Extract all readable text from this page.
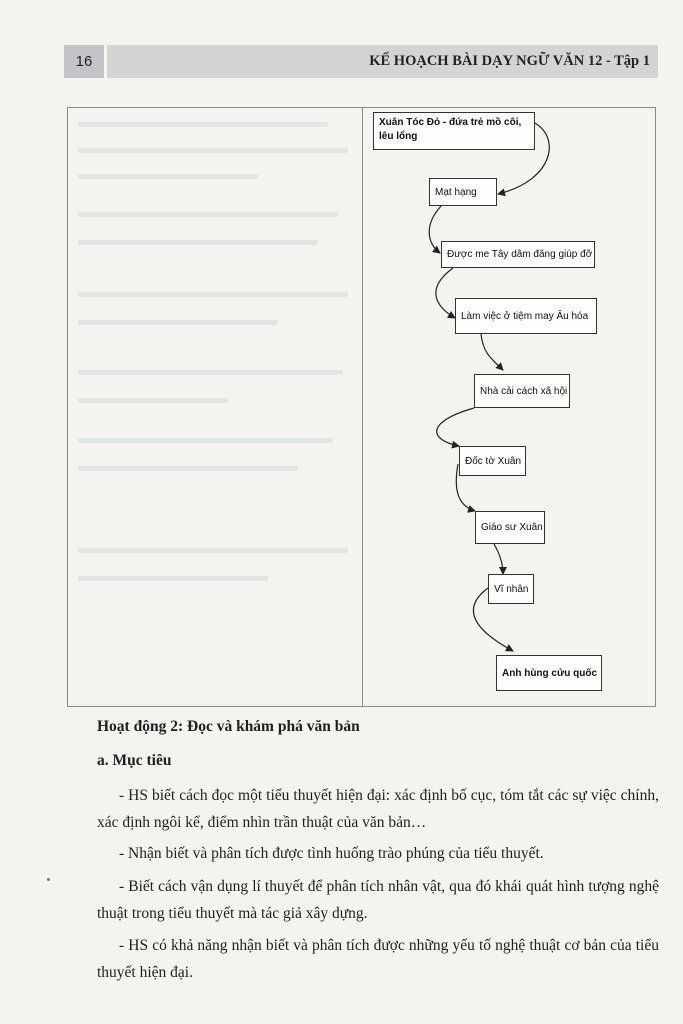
16	KẾ HOẠCH BÀI DẠY NGỮ VĂN 12 - Tập 1
Xuân Tóc Đỏ - đứa trẻ mồ côi, lêu lổng
Mạt hạng
Được me Tây dâm đãng giúp đỡ
Làm việc ở tiệm may Âu hóa
Nhà cải cách xã hội
Đốc tờ Xuân
Giáo sư Xuân
Vĩ nhân
Anh hùng cứu quốc
Hoạt động 2: Đọc và khám phá văn bản
a. Mục tiêu

- HS biết cách đọc một tiểu thuyết hiện đại: xác định bố cục, tóm tắt các sự việc chính, xác định ngôi kể, điểm nhìn trần thuật của văn bản…

- Nhận biết và phân tích được tình huống trào phúng của tiểu thuyết.

- Biết cách vận dụng lí thuyết để phân tích nhân vật, qua đó khái quát hình tượng nghệ thuật trong tiểu thuyết mà tác giả xây dựng.

- HS có khả năng nhận biết và phân tích được những yếu tố nghệ thuật cơ bản của tiểu thuyết hiện đại.
